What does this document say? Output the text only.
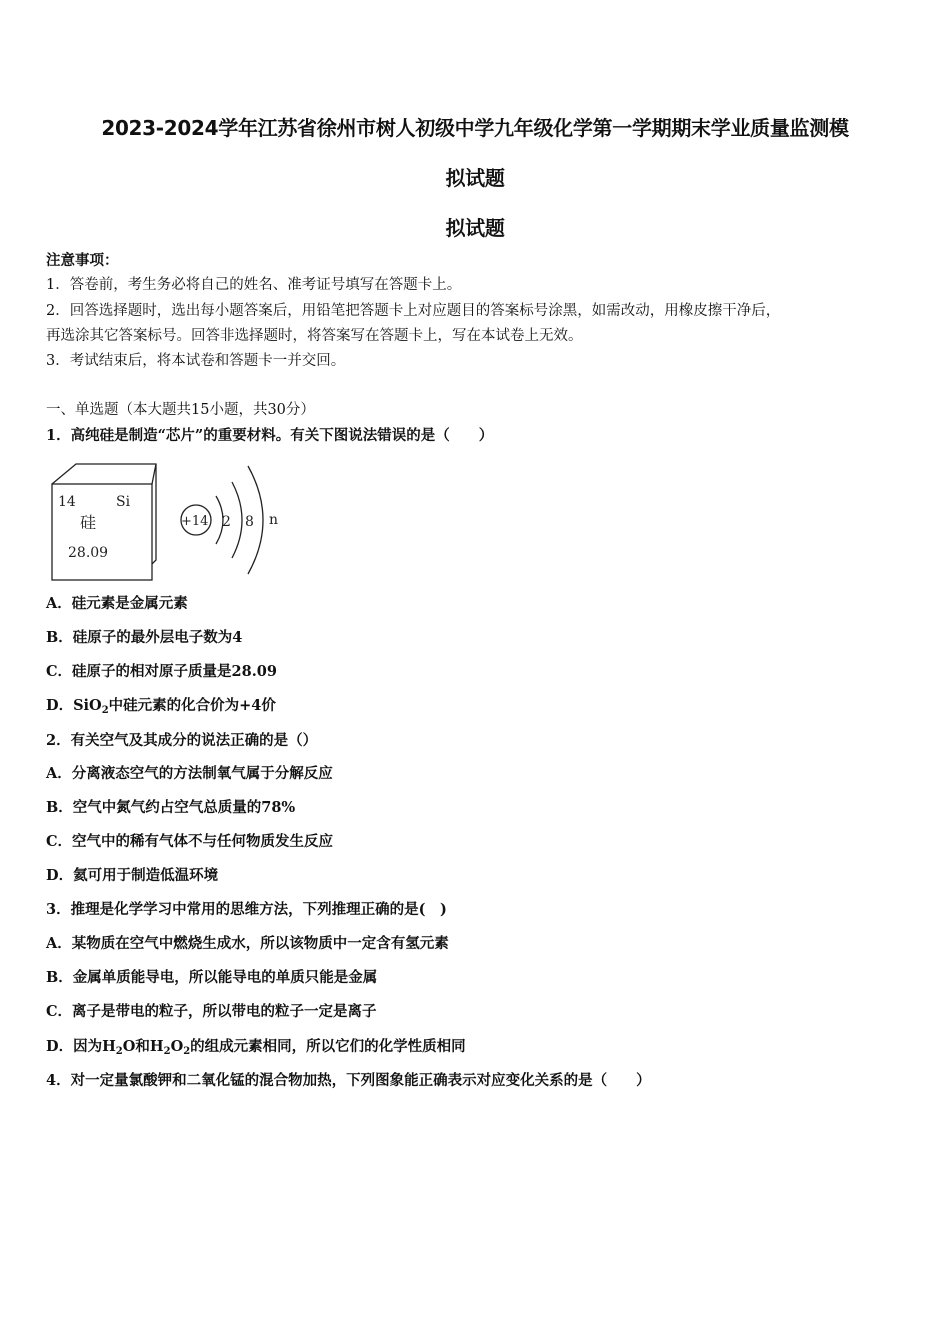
2023-2024学年江苏省徐州市树人初级中学九年级化学第一学期期末学业质量监测模
拟试题
拟试题
注意事项：
1．答卷前，考生务必将自己的姓名、准考证号填写在答题卡上。
2．回答选择题时，选出每小题答案后，用铅笔把答题卡上对应题目的答案标号涂黑，如需改动，用橡皮擦干净后，
再选涂其它答案标号。回答非选择题时，将答案写在答题卡上，写在本试卷上无效。
3．考试结束后，将本试卷和答题卡一并交回。
一、单选题（本大题共15小题，共30分）
1．高纯硅是制造“芯片”的重要材料。有关下图说法错误的是（　　）
14	Si
硅
28.09
+14 2 8 n
A．硅元素是金属元素
B．硅原子的最外层电子数为4
C．硅原子的相对原子质量是28.09
D．SiO$_2$中硅元素的化合价为+4价
2．有关空气及其成分的说法正确的是（）
A．分离液态空气的方法制氧气属于分解反应
B．空气中氮气约占空气总质量的78%
C．空气中的稀有气体不与任何物质发生反应
D．氦可用于制造低温环境
3．推理是化学学习中常用的思维方法，下列推理正确的是(　)
A．某物质在空气中燃烧生成水，所以该物质中一定含有氢元素
B．金属单质能导电，所以能导电的单质只能是金属
C．离子是带电的粒子，所以带电的粒子一定是离子
D．因为$H_2O$和$H_2O_2$的组成元素相同，所以它们的化学性质相同
4．对一定量氯酸钾和二氧化锰的混合物加热，下列图象能正确表示对应变化关系的是（　　）
